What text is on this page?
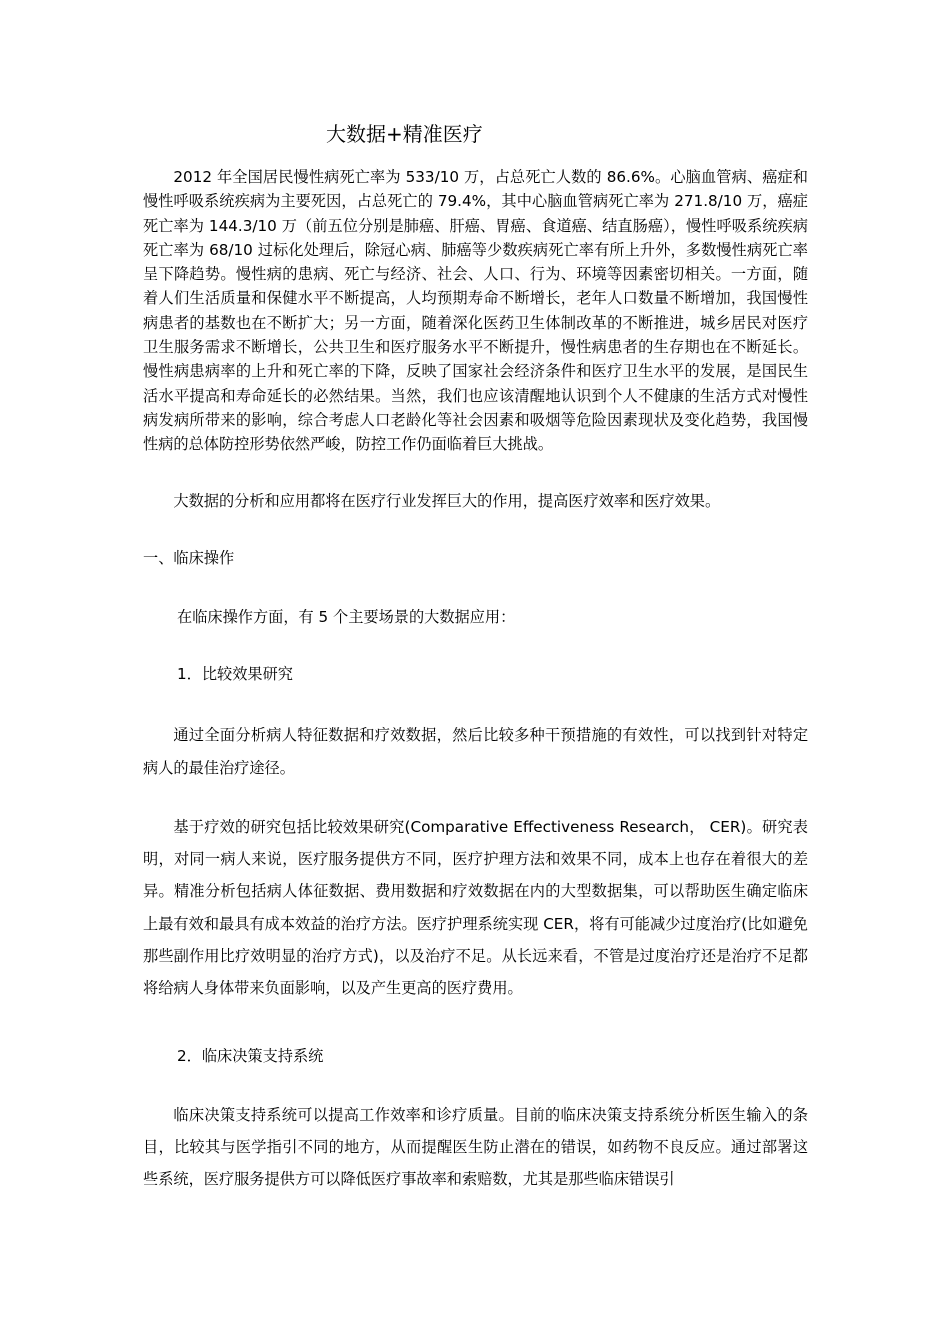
大数据+精准医疗

2012 年全国居民慢性病死亡率为 533/10 万，占总死亡人数的 86.6%。心脑血管病、癌症和慢性呼吸系统疾病为主要死因，占总死亡的 79.4%，其中心脑血管病死亡率为 271.8/10 万，癌症死亡率为 144.3/10 万（前五位分别是肺癌、肝癌、胃癌、食道癌、结直肠癌），慢性呼吸系统疾病死亡率为 68/10 过标化处理后，除冠心病、肺癌等少数疾病死亡率有所上升外，多数慢性病死亡率呈下降趋势。慢性病的患病、死亡与经济、社会、人口、行为、环境等因素密切相关。一方面，随着人们生活质量和保健水平不断提高，人均预期寿命不断增长，老年人口数量不断增加，我国慢性病患者的基数也在不断扩大；另一方面，随着深化医药卫生体制改革的不断推进，城乡居民对医疗卫生服务需求不断增长，公共卫生和医疗服务水平不断提升，慢性病患者的生存期也在不断延长。慢性病患病率的上升和死亡率的下降，反映了国家社会经济条件和医疗卫生水平的发展，是国民生活水平提高和寿命延长的必然结果。当然，我们也应该清醒地认识到个人不健康的生活方式对慢性病发病所带来的影响，综合考虑人口老龄化等社会因素和吸烟等危险因素现状及变化趋势，我国慢性病的总体防控形势依然严峻，防控工作仍面临着巨大挑战。

大数据的分析和应用都将在医疗行业发挥巨大的作用，提高医疗效率和医疗效果。

一、临床操作

在临床操作方面，有 5 个主要场景的大数据应用：

1．比较效果研究

通过全面分析病人特征数据和疗效数据，然后比较多种干预措施的有效性，可以找到针对特定病人的最佳治疗途径。

基于疗效的研究包括比较效果研究(Comparative Effectiveness Research， CER)。研究表明，对同一病人来说，医疗服务提供方不同，医疗护理方法和效果不同，成本上也存在着很大的差异。精准分析包括病人体征数据、费用数据和疗效数据在内的大型数据集，可以帮助医生确定临床上最有效和最具有成本效益的治疗方法。医疗护理系统实现 CER，将有可能减少过度治疗(比如避免那些副作用比疗效明显的治疗方式)，以及治疗不足。从长远来看，不管是过度治疗还是治疗不足都将给病人身体带来负面影响，以及产生更高的医疗费用。

2．临床决策支持系统

临床决策支持系统可以提高工作效率和诊疗质量。目前的临床决策支持系统分析医生输入的条目，比较其与医学指引不同的地方，从而提醒医生防止潜在的错误，如药物不良反应。通过部署这些系统，医疗服务提供方可以降低医疗事故率和索赔数，尤其是那些临床错误引
